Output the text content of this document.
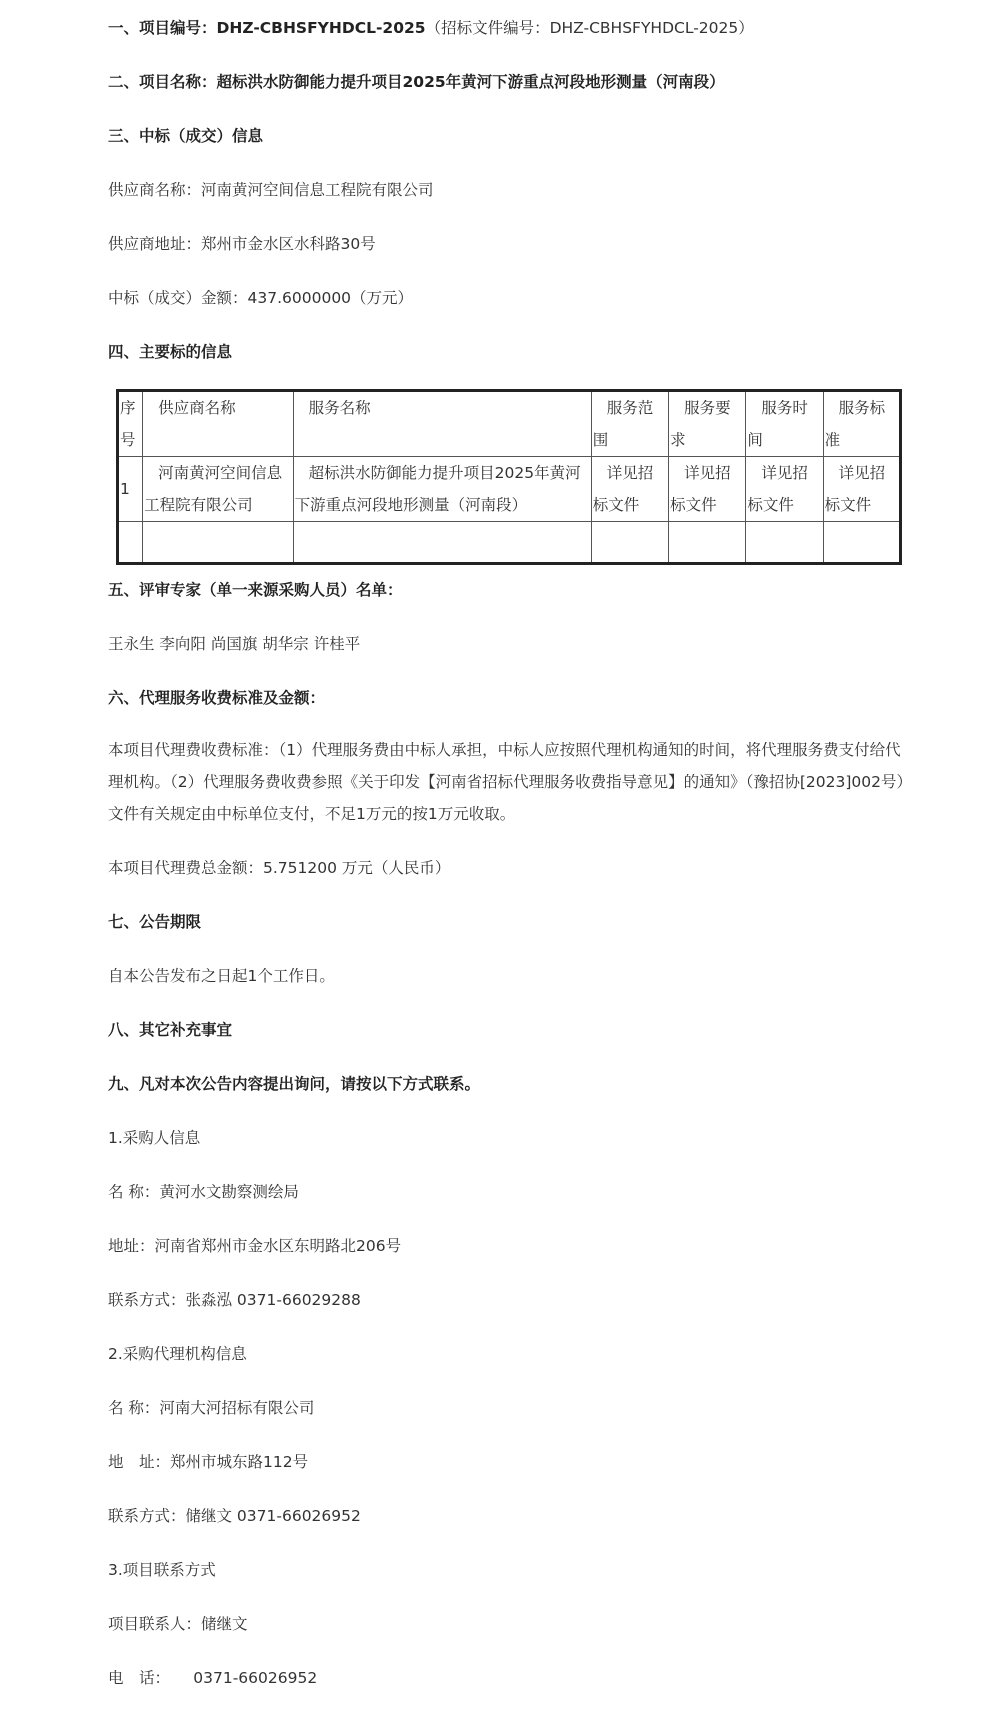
一、项目编号：DHZ-CBHSFYHDCL-2025（招标文件编号：DHZ-CBHSFYHDCL-2025）
二、项目名称：超标洪水防御能力提升项目2025年黄河下游重点河段地形测量（河南段）
三、中标（成交）信息
供应商名称：河南黄河空间信息工程院有限公司
供应商地址：郑州市金水区水科路30号
中标（成交）金额：437.6000000（万元）
四、主要标的信息
序号	供应商名称	服务名称	服务范围	服务要求	服务时间	服务标准
1	河南黄河空间信息工程院有限公司	超标洪水防御能力提升项目2025年黄河下游重点河段地形测量（河南段）	详见招标文件	详见招标文件	详见招标文件	详见招标文件

五、评审专家（单一来源采购人员）名单：
王永生 李向阳 尚国旗 胡华宗 许桂平
六、代理服务收费标准及金额：
本项目代理费收费标准：（1）代理服务费由中标人承担，中标人应按照代理机构通知的时间，将代理服务费支付给代理机构。（2）代理服务费收费参照《关于印发【河南省招标代理服务收费指导意见】的通知》（豫招协[2023]002号）文件有关规定由中标单位支付，不足1万元的按1万元收取。
本项目代理费总金额：5.751200 万元（人民币）
七、公告期限
自本公告发布之日起1个工作日。
八、其它补充事宜
九、凡对本次公告内容提出询问，请按以下方式联系。
1.采购人信息
名 称：黄河水文勘察测绘局
地址：河南省郑州市金水区东明路北206号
联系方式：张淼泓 0371-66029288
2.采购代理机构信息
名 称：河南大河招标有限公司
地　址：郑州市城东路112号
联系方式：储继文 0371-66026952
3.项目联系方式
项目联系人：储继文
电　话：　　0371-66026952
